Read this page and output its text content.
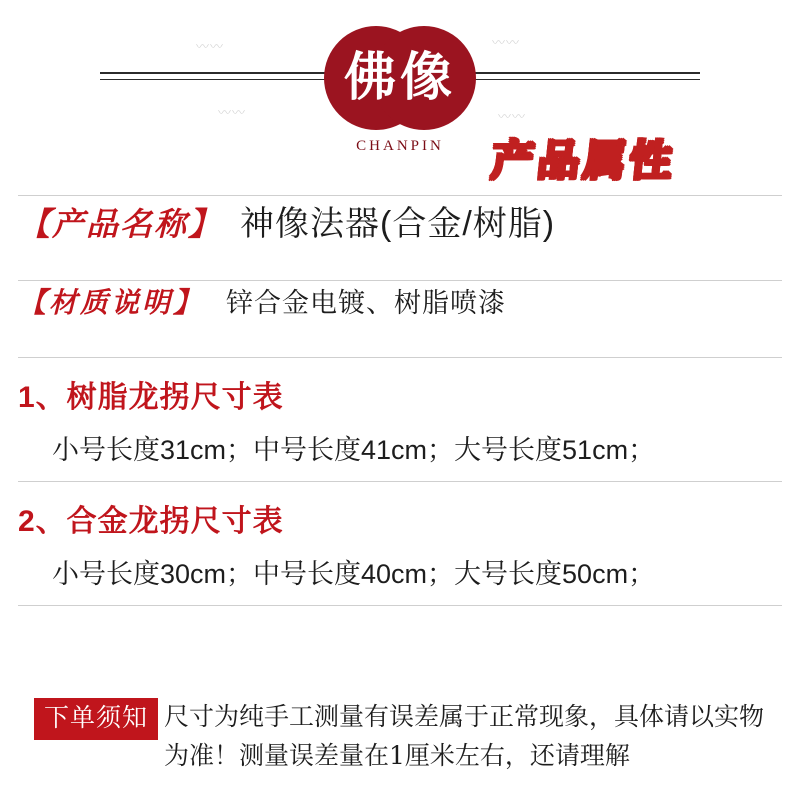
〰〰
〰〰
〰〰
〰〰
佛像
CHANPIN	产品属性
【产品名称】 神像法器(合金/树脂)
【材质说明】 锌合金电镀、树脂喷漆
1、树脂龙拐尺寸表
小号长度31cm；中号长度41cm；大号长度51cm；
2、合金龙拐尺寸表
小号长度30cm；中号长度40cm；大号长度50cm；
下单须知 尺寸为纯手工测量有误差属于正常现象，具体请以实物为准！测量误差量在1厘米左右，还请理解
